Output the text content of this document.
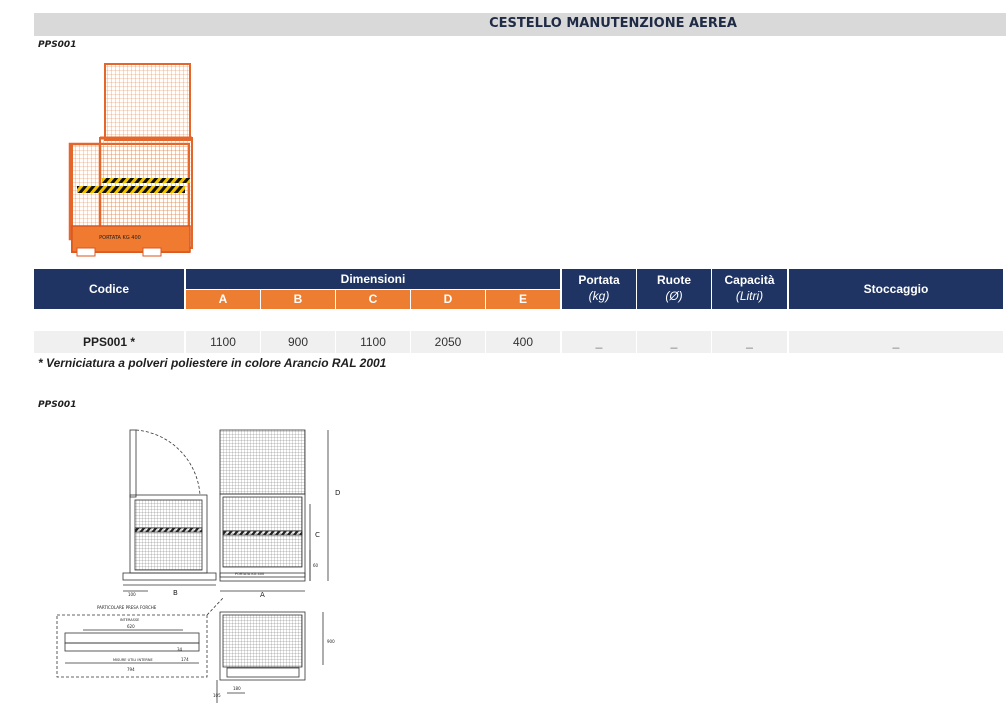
CESTELLO MANUTENZIONE AEREA
PPS001
PORTATA KG 400
Codice
Dimensioni
A	B	C	D	E
Portata
(kg)
Ruote
(Ø)
Capacità
(Litri)	Stoccaggio
PPS001 *	1100	900	1100	2050	400	_	_	_	_
* Verniciatura a polveri poliestere in colore Arancio RAL 2001
PPS001
B	A
D
C
60
100
PORTATA KG 400
PARTICOLARE PRESA FORCHE
INTERASSE
620
34
174
MISURE UTILI INTERNE
794
900
105
180
